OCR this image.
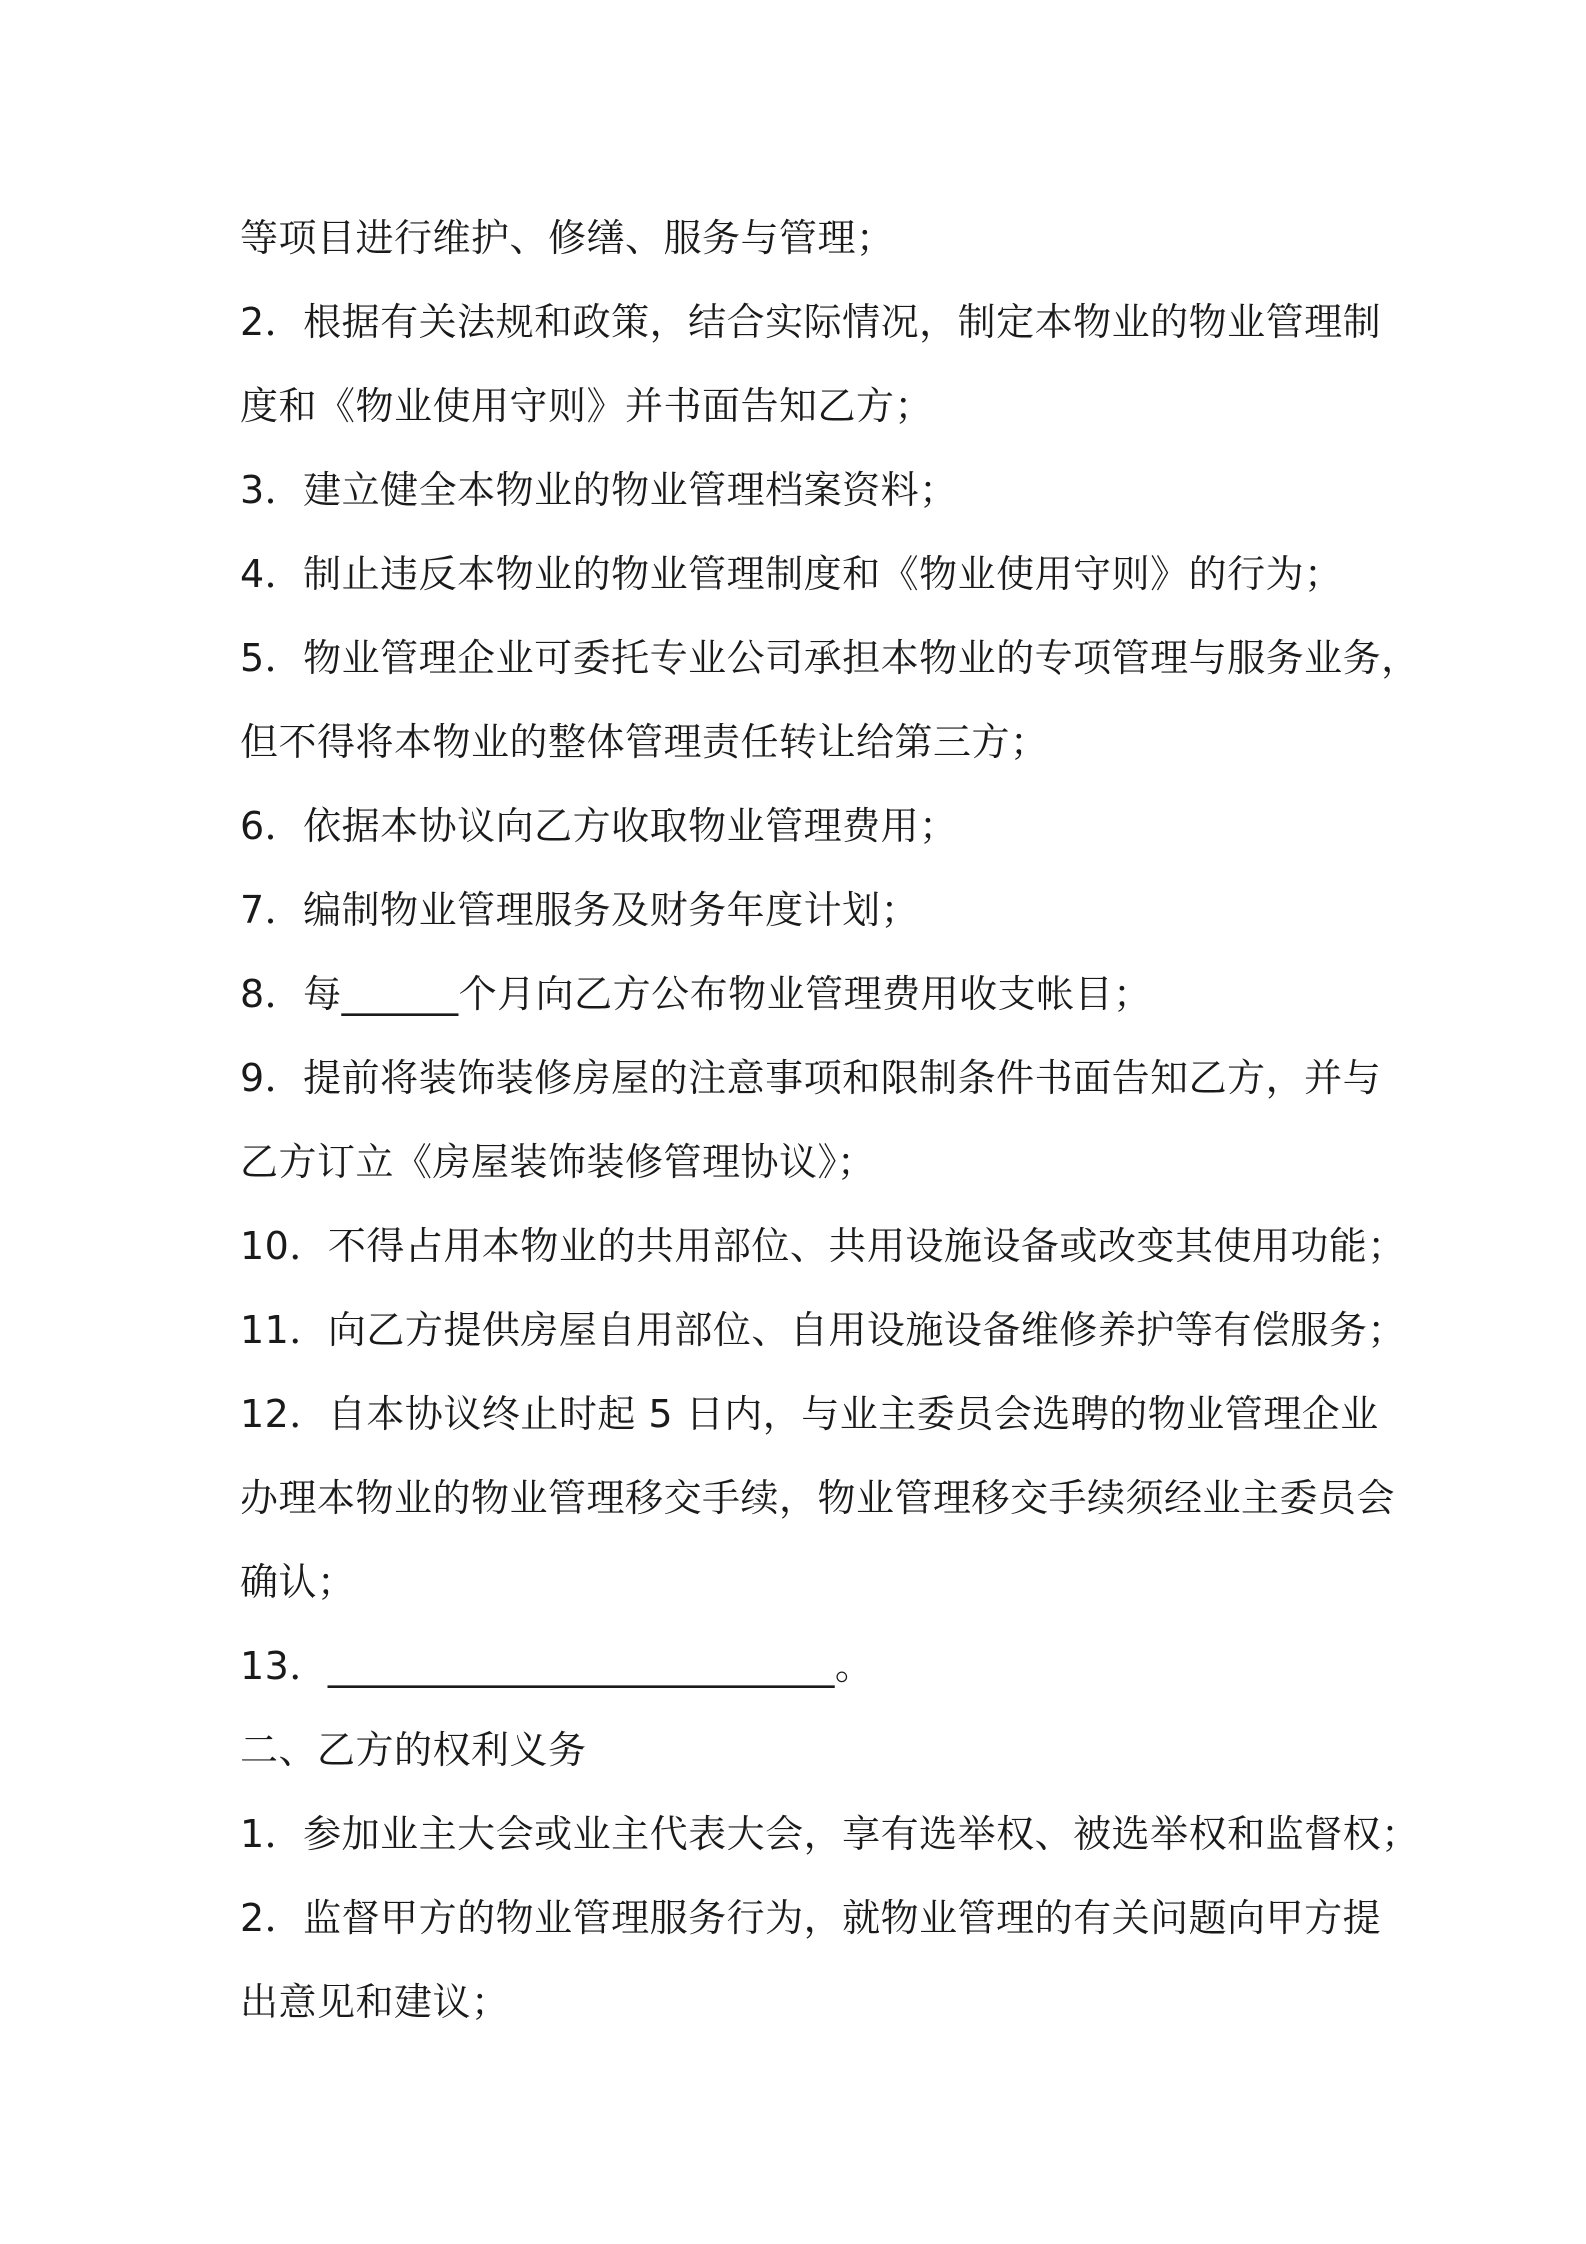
等项目进行维护、修缮、服务与管理；

2．根据有关法规和政策，结合实际情况，制定本物业的物业管理制

度和《物业使用守则》并书面告知乙方；

3．建立健全本物业的物业管理档案资料；

4．制止违反本物业的物业管理制度和《物业使用守则》的行为；

5．物业管理企业可委托专业公司承担本物业的专项管理与服务业务，

但不得将本物业的整体管理责任转让给第三方；

6．依据本协议向乙方收取物业管理费用；

7．编制物业管理服务及财务年度计划；

8．每______个月向乙方公布物业管理费用收支帐目；

9．提前将装饰装修房屋的注意事项和限制条件书面告知乙方，并与

乙方订立《房屋装饰装修管理协议》；

10．不得占用本物业的共用部位、共用设施设备或改变其使用功能；

11．向乙方提供房屋自用部位、自用设施设备维修养护等有偿服务；

12．自本协议终止时起 5 日内，与业主委员会选聘的物业管理企业

办理本物业的物业管理移交手续，物业管理移交手续须经业主委员会

确认；

13．__________________________。

二、乙方的权利义务

1．参加业主大会或业主代表大会，享有选举权、被选举权和监督权；

2．监督甲方的物业管理服务行为，就物业管理的有关问题向甲方提

出意见和建议；
